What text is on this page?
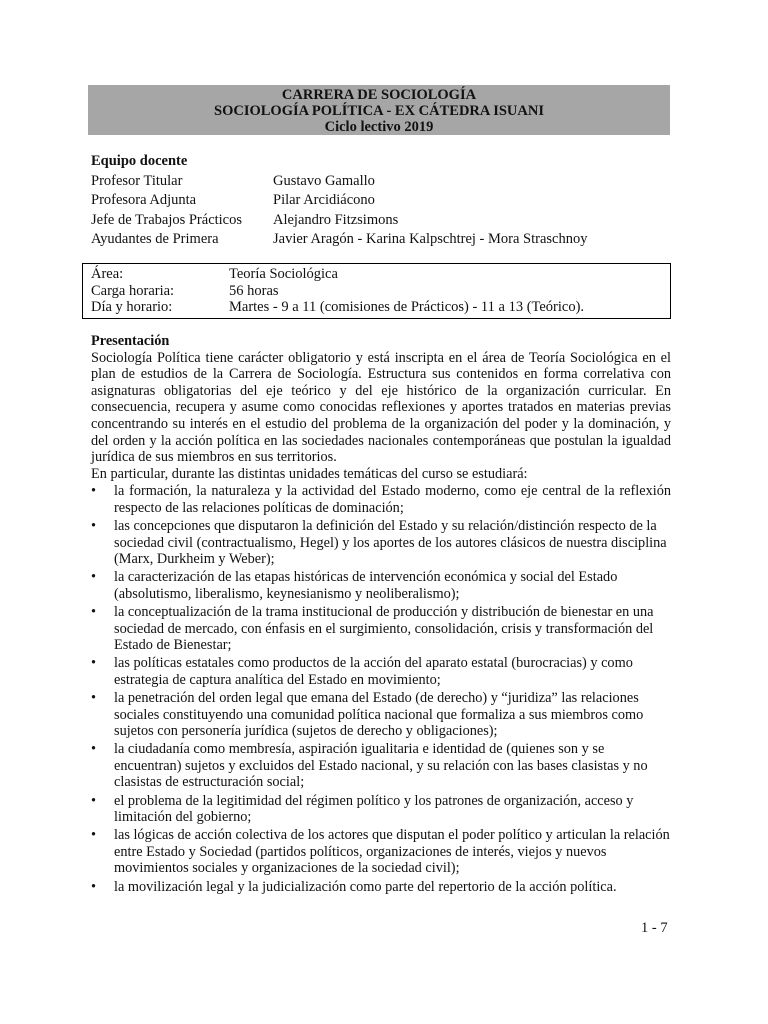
CARRERA DE SOCIOLOGÍA
SOCIOLOGÍA POLÍTICA - EX CÁTEDRA ISUANI
Ciclo lectivo 2019
Equipo docente
Profesor Titular	Gustavo Gamallo
Profesora Adjunta	Pilar Arcidiácono
Jefe de Trabajos Prácticos	Alejandro Fitzsimons
Ayudantes de Primera	Javier Aragón - Karina Kalpschtrej - Mora Straschnoy
Área:	Teoría Sociológica
Carga horaria:	56 horas
Día y horario:	Martes - 9 a 11 (comisiones de Prácticos) - 11 a 13 (Teórico).
Presentación
Sociología Política tiene carácter obligatorio y está inscripta en el área de Teoría Sociológica en el plan de estudios de la Carrera de Sociología. Estructura sus contenidos en forma correlativa con asignaturas obligatorias del eje teórico y del eje histórico de la organización curricular. En consecuencia, recupera y asume como conocidas reflexiones y aportes tratados en materias previas concentrando su interés en el estudio del problema de la organización del poder y la dominación, y del orden y la acción política en las sociedades nacionales contemporáneas que postulan la igualdad jurídica de sus miembros en sus territorios.
En particular, durante las distintas unidades temáticas del curso se estudiará:
•	la formación, la naturaleza y la actividad del Estado moderno, como eje central de la reflexión respecto de las relaciones políticas de dominación;
•	las concepciones que disputaron la definición del Estado y su relación/distinción respecto de la sociedad civil (contractualismo, Hegel) y los aportes de los autores clásicos de nuestra disciplina (Marx, Durkheim y Weber);
•	la caracterización de las etapas históricas de intervención económica y social del Estado (absolutismo, liberalismo, keynesianismo y neoliberalismo);
•	la conceptualización de la trama institucional de producción y distribución de bienestar en una sociedad de mercado, con énfasis en el surgimiento, consolidación, crisis y transformación del Estado de Bienestar;
•	las políticas estatales como productos de la acción del aparato estatal (burocracias) y como estrategia de captura analítica del Estado en movimiento;
•	la penetración del orden legal que emana del Estado (de derecho) y “juridiza” las relaciones sociales constituyendo una comunidad política nacional que formaliza a sus miembros como sujetos con personería jurídica (sujetos de derecho y obligaciones);
•	la ciudadanía como membresía, aspiración igualitaria e identidad de (quienes son y se encuentran) sujetos y excluidos del Estado nacional, y su relación con las bases clasistas y no clasistas de estructuración social;
•	el problema de la legitimidad del régimen político y los patrones de organización, acceso y limitación del gobierno;
•	las lógicas de acción colectiva de los actores que disputan el poder político y articulan la relación entre Estado y Sociedad (partidos políticos, organizaciones de interés, viejos y nuevos movimientos sociales y organizaciones de la sociedad civil);
•	la movilización legal y la judicialización como parte del repertorio de la acción política.
1 - 7
